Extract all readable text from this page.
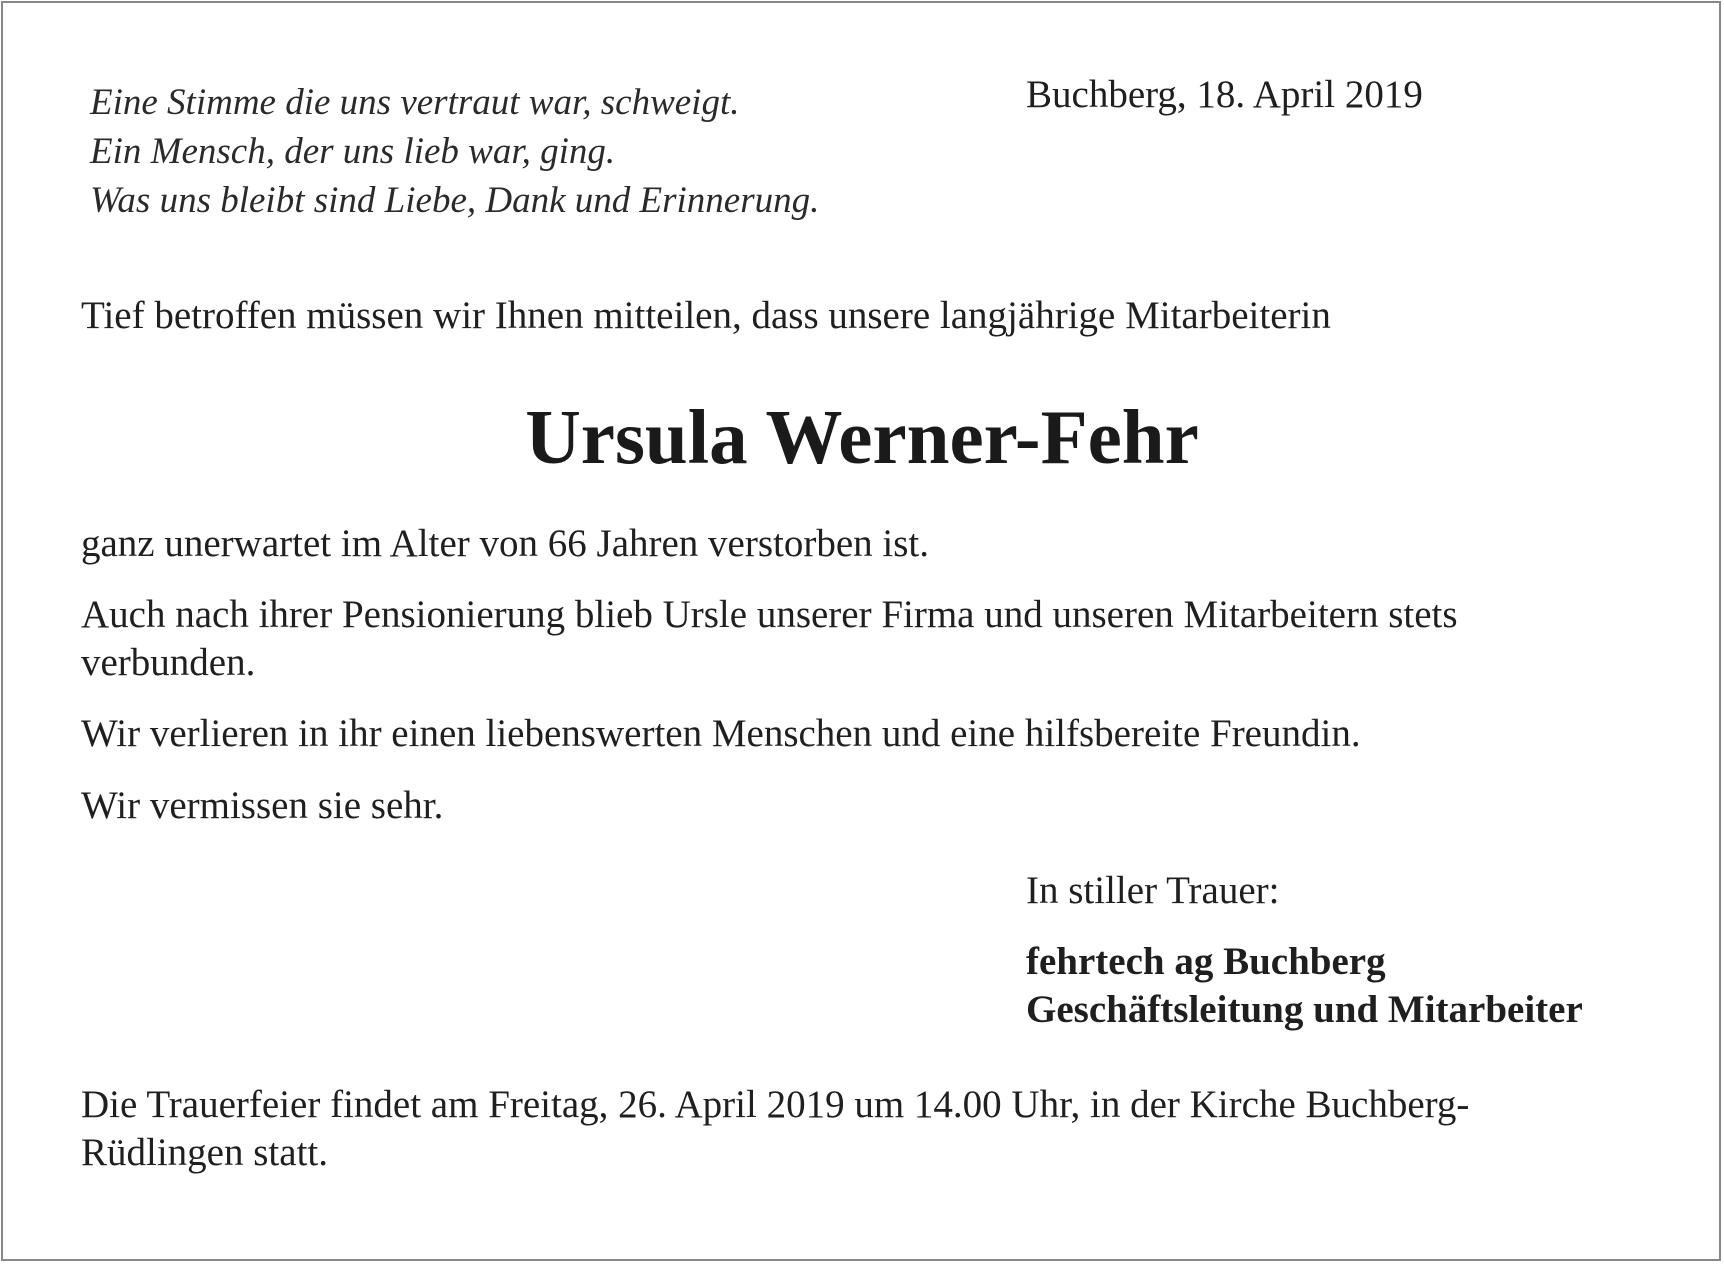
Eine Stimme die uns vertraut war, schweigt.
Ein Mensch, der uns lieb war, ging.
Was uns bleibt sind Liebe, Dank und Erinnerung.
Buchberg, 18. April 2019
Tief betroffen müssen wir Ihnen mitteilen, dass unsere langjährige Mitarbeiterin
Ursula Werner-Fehr
ganz unerwartet im Alter von 66 Jahren verstorben ist.
Auch nach ihrer Pensionierung blieb Ursle unserer Firma und unseren Mitarbeitern stets
verbunden.
Wir verlieren in ihr einen liebenswerten Menschen und eine hilfsbereite Freundin.
Wir vermissen sie sehr.
In stiller Trauer:
fehrtech ag Buchberg
Geschäftsleitung und Mitarbeiter
Die Trauerfeier findet am Freitag, 26. April 2019 um 14.00 Uhr, in der Kirche Buchberg-
Rüdlingen statt.
